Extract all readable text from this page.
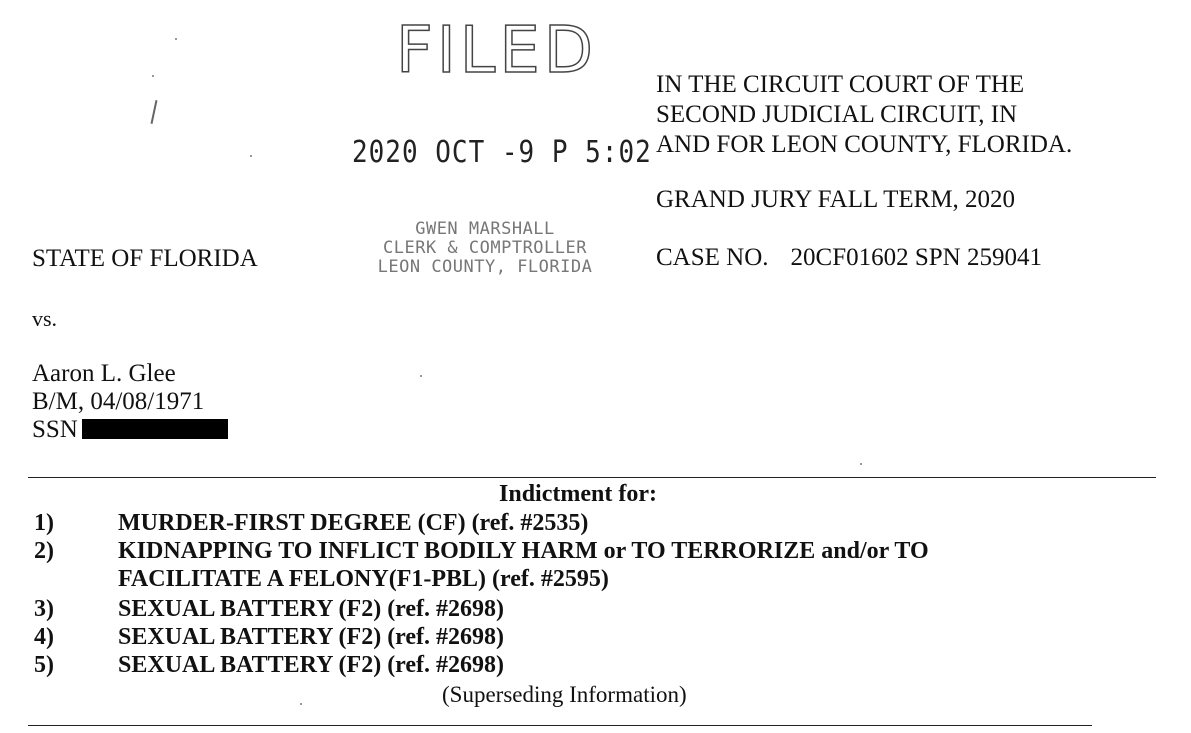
FILED
2020 OCT -9 P 5:02
GWEN MARSHALL
CLERK & COMPTROLLER
LEON COUNTY, FLORIDA
IN THE CIRCUIT COURT OF THE
SECOND JUDICIAL CIRCUIT, IN
AND FOR LEON COUNTY, FLORIDA.
GRAND JURY FALL TERM, 2020
CASE NO. 20CF01602 SPN 259041
STATE OF FLORIDA
vs.
Aaron L. Glee
B/M, 04/08/1971
SSN
Indictment for:
1)	MURDER-FIRST DEGREE (CF) (ref. #2535)
2)	KIDNAPPING TO INFLICT BODILY HARM or TO TERRORIZE and/or TO
FACILITATE A FELONY(F1-PBL) (ref. #2595)
3)	SEXUAL BATTERY (F2) (ref. #2698)
4)	SEXUAL BATTERY (F2) (ref. #2698)
5)	SEXUAL BATTERY (F2) (ref. #2698)
(Superseding Information)
